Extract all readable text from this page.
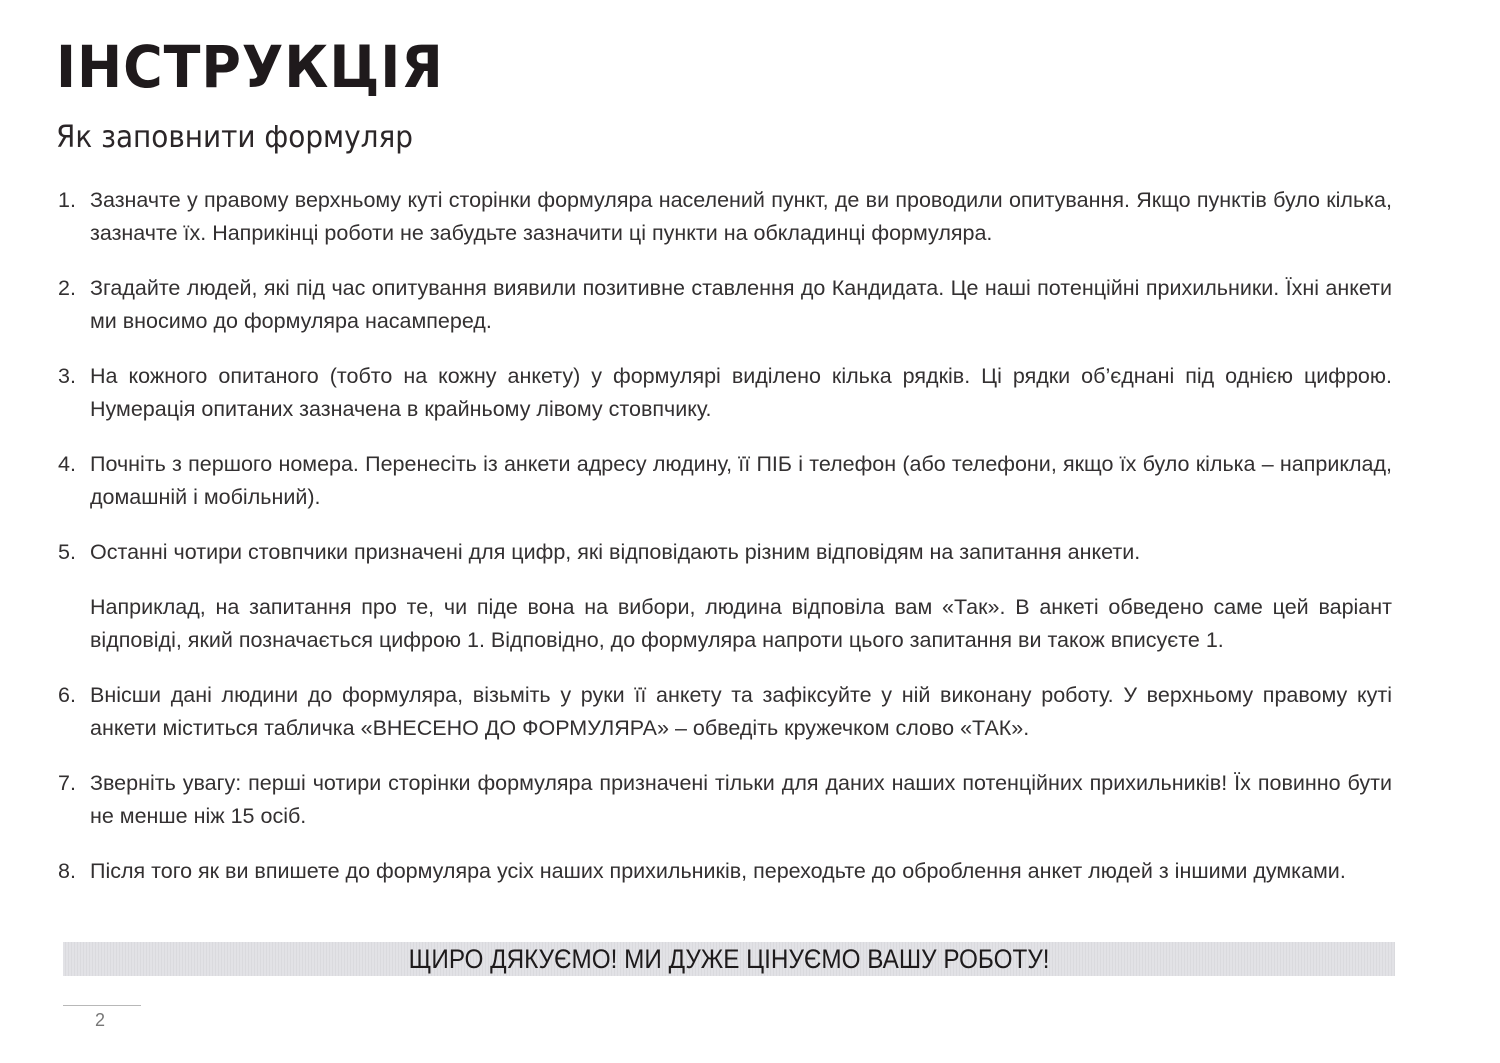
ІНСТРУКЦІЯ
Як заповнити формуляр
1. Зазначте у правому верхньому куті сторінки формуляра населений пункт, де ви проводили опитування. Якщо пунктів було кілька, зазначте їх. Наприкінці роботи не забудьте зазначити ці пункти на обкладинці формуляра.
2. Згадайте людей, які під час опитування виявили позитивне ставлення до Кандидата. Це наші потенційні прихильники. Їхні анкети ми вносимо до формуляра насамперед.
3. На кожного опитаного (тобто на кожну анкету) у формулярі виділено кілька рядків. Ці рядки об’єднані під однією цифрою. Нумерація опитаних зазначена в крайньому лівому стовпчику.
4. Почніть з першого номера. Перенесіть із анкети адресу людину, її ПІБ і телефон (або телефони, якщо їх було кілька – наприклад, домашній і мобільний).
5. Останні чотири стовпчики призначені для цифр, які відповідають різним відповідям на запитання анкети.
Наприклад, на запитання про те, чи піде вона на вибори, людина відповіла вам «Так». В анкеті обведено саме цей варіант відповіді, який позначається цифрою 1. Відповідно, до формуляра напроти цього запитання ви також вписуєте 1.
6. Внісши дані людини до формуляра, візьміть у руки її анкету та зафіксуйте у ній виконану роботу. У верхньому правому куті анкети міститься табличка «ВНЕСЕНО ДО ФОРМУЛЯРА» – обведіть кружечком слово «ТАК».
7. Зверніть увагу: перші чотири сторінки формуляра призначені тільки для даних наших потенційних прихильників! Їх повинно бути не менше ніж 15 осіб.
8. Після того як ви впишете до формуляра усіх наших прихильників, переходьте до оброблення анкет людей з іншими думками.
ЩИРО ДЯКУЄМО! МИ ДУЖЕ ЦІНУЄМО ВАШУ РОБОТУ!
2
